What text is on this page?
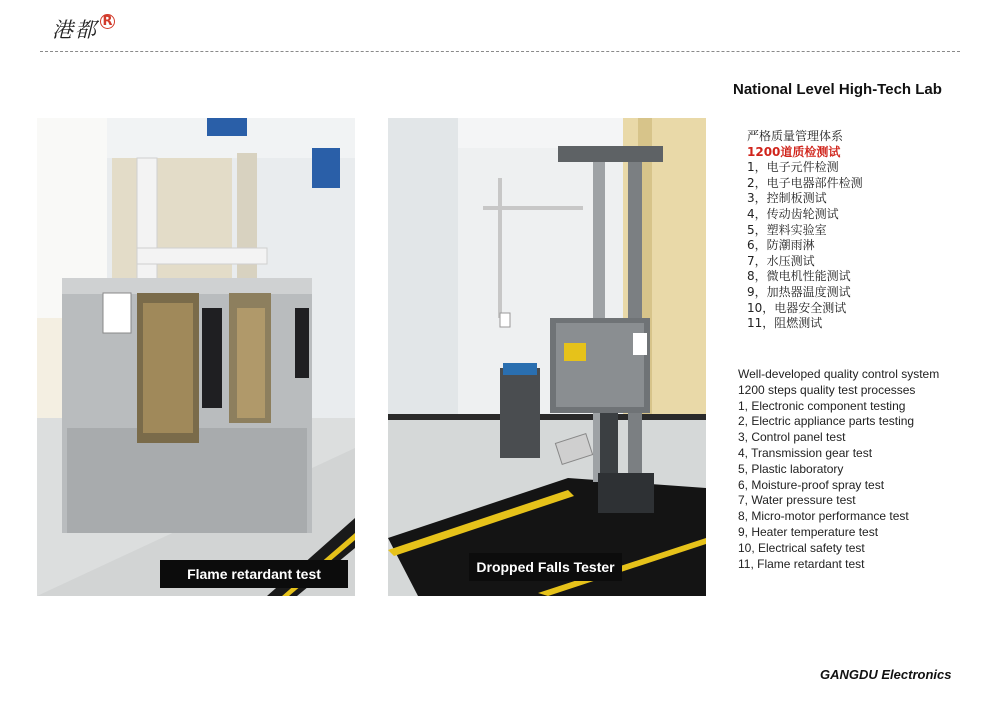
港都 R
National Level High-Tech Lab
Flame retardant test	Dropped Falls Tester
严格质量管理体系
1200道质检测试
1，电子元件检测
2，电子电器部件检测
3，控制板测试
4，传动齿轮测试
5，塑料实验室
6，防潮雨淋
7，水压测试
8，微电机性能测试
9，加热器温度测试
10，电器安全测试
11，阻燃测试
Well-developed quality control system
1200 steps quality test processes
1, Electronic component testing
2, Electric appliance parts testing
3, Control panel test
4, Transmission gear test
5, Plastic laboratory
6, Moisture-proof spray test
7, Water pressure test
8, Micro-motor performance test
9, Heater temperature test
10, Electrical safety test
11, Flame retardant test
GANGDU Electronics
